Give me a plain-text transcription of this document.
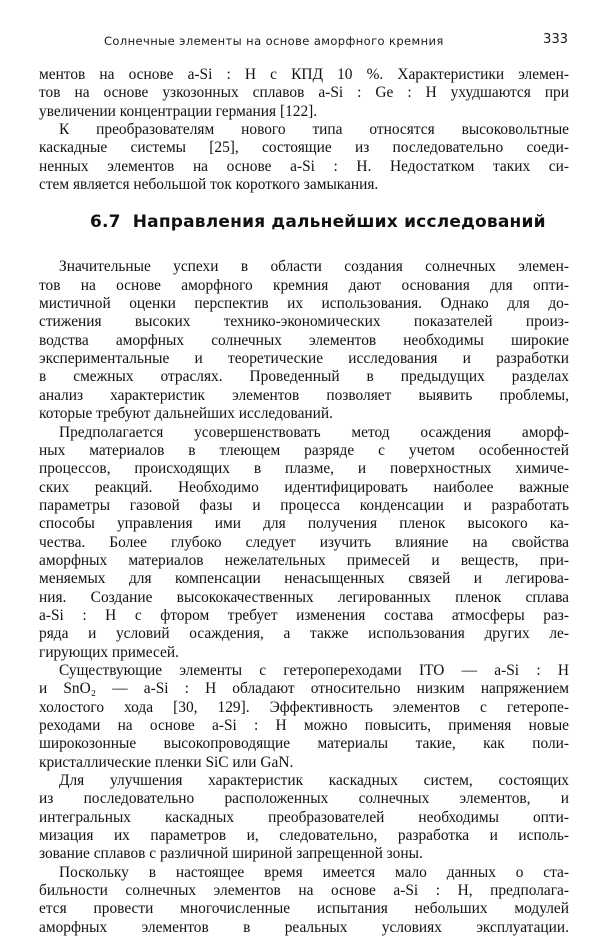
Солнечные элементы на основе аморфного кремния	333
ментов на основе a-Si : H с КПД 10 %. Характеристики элемен-
тов на основе узкозонных сплавов a-Si : Ge : H ухудшаются при
увеличении концентрации германия [122].
К преобразователям нового типа относятся высоковольтные
каскадные системы [25], состоящие из последовательно соеди-
ненных элементов на основе a-Si : H. Недостатком таких си-
стем является небольшой ток короткого замыкания.
6.7 Направления дальнейших исследований
Значительные успехи в области создания солнечных элемен-
тов на основе аморфного кремния дают основания для опти-
мистичной оценки перспектив их использования. Однако для до-
стижения высоких технико-экономических показателей произ-
водства аморфных солнечных элементов необходимы широкие
экспериментальные и теоретические исследования и разработки
в смежных отраслях. Проведенный в предыдущих разделах
анализ характеристик элементов позволяет выявить проблемы,
которые требуют дальнейших исследований.
Предполагается усовершенствовать метод осаждения аморф-
ных материалов в тлеющем разряде с учетом особенностей
процессов, происходящих в плазме, и поверхностных химиче-
ских реакций. Необходимо идентифицировать наиболее важные
параметры газовой фазы и процесса конденсации и разработать
способы управления ими для получения пленок высокого ка-
чества. Более глубоко следует изучить влияние на свойства
аморфных материалов нежелательных примесей и веществ, при-
меняемых для компенсации ненасыщенных связей и легирова-
ния. Создание высококачественных легированных пленок сплава
a-Si : H с фтором требует изменения состава атмосферы раз-
ряда и условий осаждения, а также использования других ле-
гирующих примесей.
Существующие элементы с гетеропереходами ITO — a-Si : H
и SnO₂ — a-Si : H обладают относительно низким напряжением
холостого хода [30, 129]. Эффективность элементов с гетеропе-
реходами на основе a-Si : H можно повысить, применяя новые
широкозонные высокопроводящие материалы такие, как поли-
кристаллические пленки SiC или GaN.
Для улучшения характеристик каскадных систем, состоящих
из последовательно расположенных солнечных элементов, и
интегральных каскадных преобразователей необходимы опти-
мизация их параметров и, следовательно, разработка и исполь-
зование сплавов с различной шириной запрещенной зоны.
Поскольку в настоящее время имеется мало данных о ста-
бильности солнечных элементов на основе a-Si : H, предполага-
ется провести многочисленные испытания небольших модулей
аморфных элементов в реальных условиях эксплуатации.
